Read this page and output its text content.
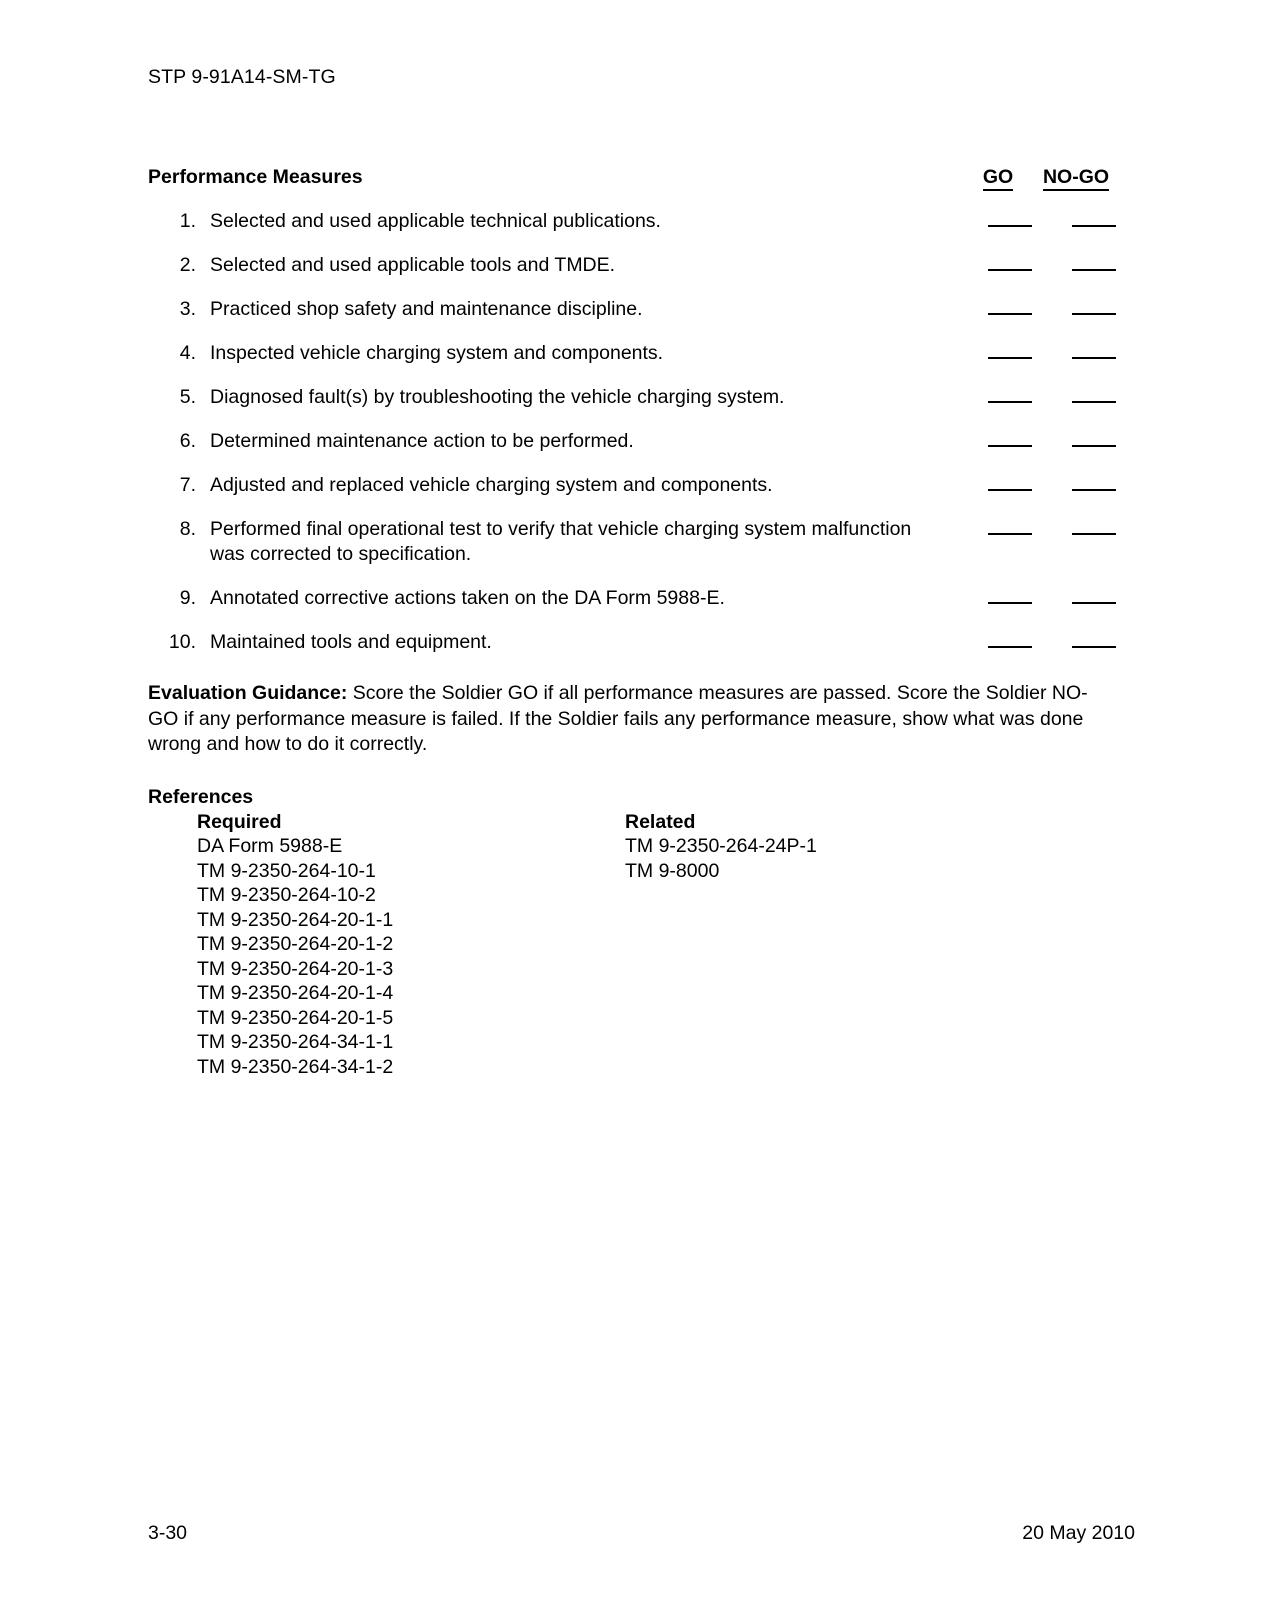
STP 9-91A14-SM-TG
Performance Measures	GO	NO-GO
1. Selected and used applicable technical publications.
2. Selected and used applicable tools and TMDE.
3. Practiced shop safety and maintenance discipline.
4. Inspected vehicle charging system and components.
5. Diagnosed fault(s) by troubleshooting the vehicle charging system.
6. Determined maintenance action to be performed.
7. Adjusted and replaced vehicle charging system and components.
8. Performed final operational test to verify that vehicle charging system malfunction was corrected to specification.
9. Annotated corrective actions taken on the DA Form 5988-E.
10. Maintained tools and equipment.
Evaluation Guidance: Score the Soldier GO if all performance measures are passed. Score the Soldier NO-GO if any performance measure is failed. If the Soldier fails any performance measure, show what was done wrong and how to do it correctly.
References
Required
DA Form 5988-E
TM 9-2350-264-10-1
TM 9-2350-264-10-2
TM 9-2350-264-20-1-1
TM 9-2350-264-20-1-2
TM 9-2350-264-20-1-3
TM 9-2350-264-20-1-4
TM 9-2350-264-20-1-5
TM 9-2350-264-34-1-1
TM 9-2350-264-34-1-2
Related
TM 9-2350-264-24P-1
TM 9-8000
3-30	20 May 2010
